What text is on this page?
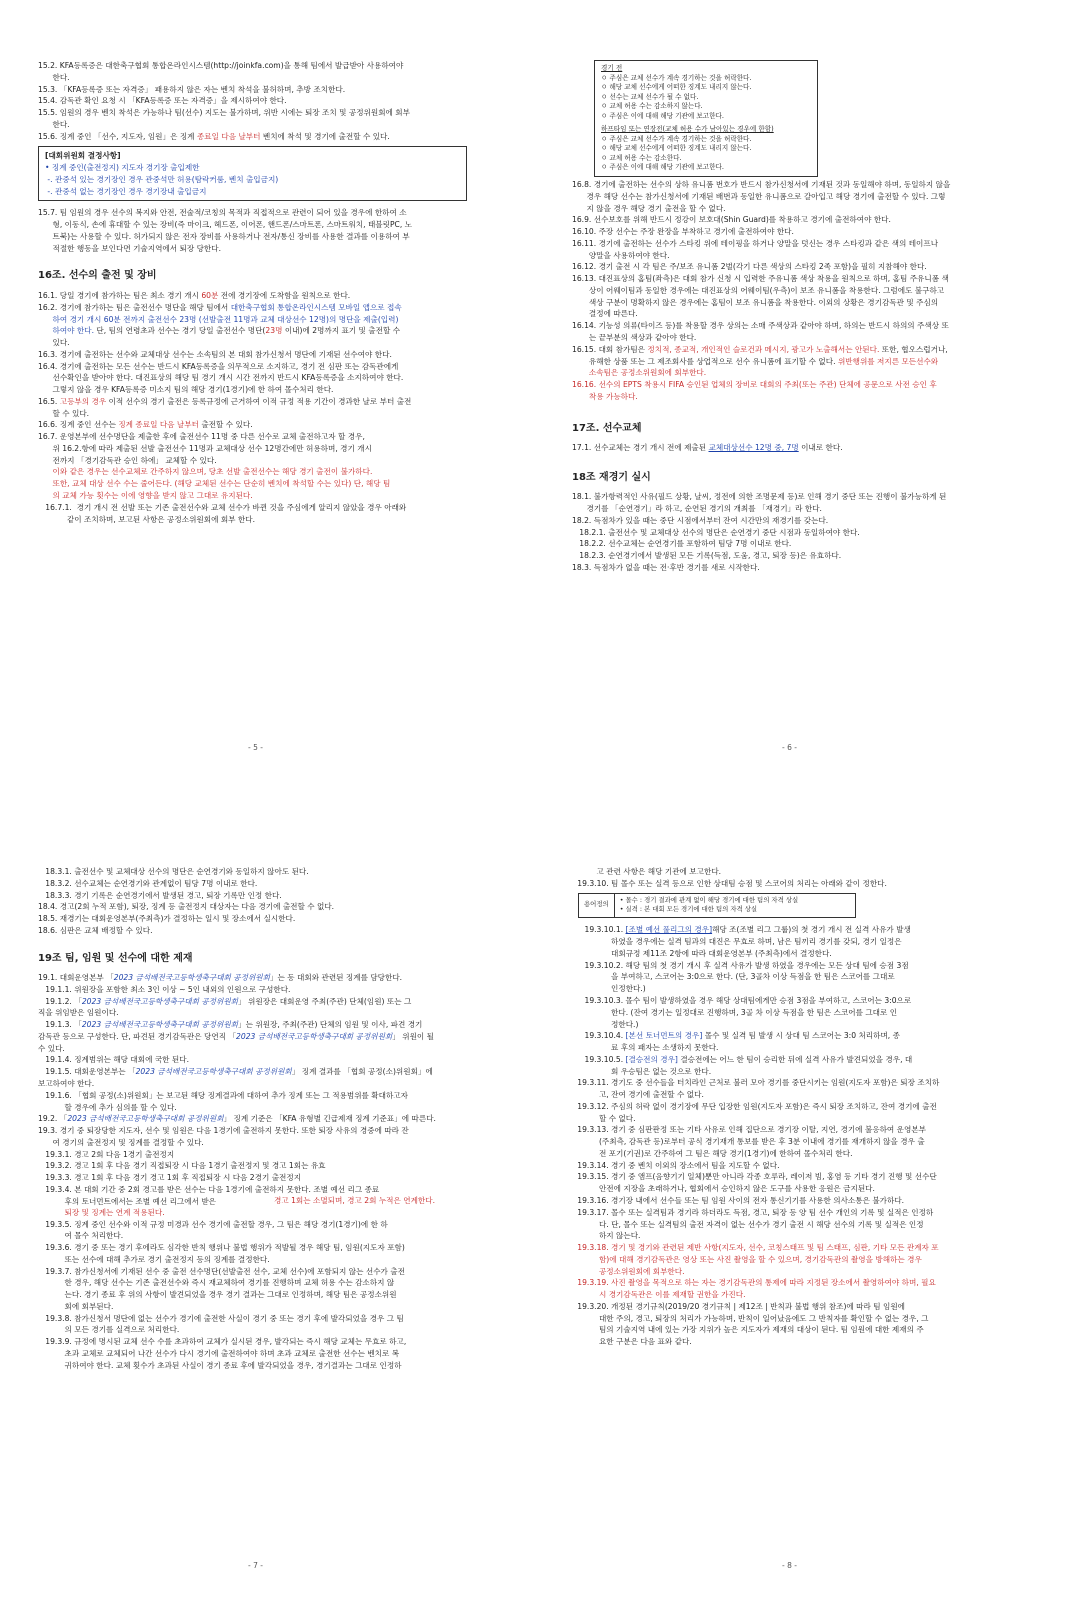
15.2. KFA등록증은 대한축구협회 통합온라인시스템(http://joinkfa.com)을 통해 팀에서 발급받아 사용하여야
한다.
15.3. 「KFA등록증 또는 자격증」 패용하지 않은 자는 벤치 착석을 불허하며, 추방 조치한다.
15.4. 감독관 확인 요청 시 「KFA등록증 또는 자격증」을 제시하여야 한다.
15.5. 임원의 경우 벤치 착석은 가능하나 팀(선수) 지도는 불가하며, 위반 시에는 퇴장 조치 및 공정위원회에 회부
한다.
15.6. 징계 중인 「선수, 지도자, 임원」은 징계 종료일 다음 날부터 벤치에 착석 및 경기에 출전할 수 있다.
[대회위원회 결정사항]
• 징계 중인(출전정지) 지도자 경기장 출입제한
-. 관중석 있는 경기장인 경우 관중석만 허용(탐락커룸, 벤치 출입금지)
-. 관중석 없는 경기장인 경우 경기장내 출입금지
15.7. 팀 임원의 경우 선수의 복지와 안전, 전술적/코칭의 목적과 직접적으로 관련이 되어 있을 경우에 한하여 소
형, 이동식, 손에 휴대할 수 있는 장비(즉 마이크, 헤드폰, 이어폰, 핸드폰/스마트폰, 스마트워치, 태블릿PC, 노
트북)는 사용할 수 있다. 허가되지 않은 전자 장비를 사용하거나 전자/통신 장비를 사용한 결과를 이용하여 부
적절한 행동을 보인다면 기술지역에서 퇴장 당한다.
16조. 선수의 출전 및 장비
16.1. 당일 경기에 참가하는 팀은 최소 경기 개시 60분 전에 경기장에 도착함을 원칙으로 한다.
16.2. 경기에 참가하는 팀은 출전선수 명단을 해당 팀에서 대한축구협회 통합온라인시스템 모바일 앱으로 접속
하여 경기 개시 60분 전까지 출전선수 23명 (선발출전 11명과 교체 대상선수 12명)의 명단을 제출(입력)
하여야 한다. 단, 팀의 연령초과 선수는 경기 당일 출전선수 명단(23명 이내)에 2명까지 표기 및 출전할 수
있다.
16.3. 경기에 출전하는 선수와 교체대상 선수는 소속팀의 본 대회 참가신청서 명단에 기재된 선수여야 한다.
16.4. 경기에 출전하는 모든 선수는 반드시 KFA등록증을 의무적으로 소지하고, 경기 전 심판 또는 감독관에게
선수확인을 받아야 한다. 대진표상의 해당 팀 경기 개시 시간 전까지 반드시 KFA등록증을 소지하여야 한다.
그렇지 않을 경우 KFA등록증 미소지 팀의 해당 경기(1경기)에 한 하여 몰수처리 한다.
16.5. 고등부의 경우 이적 선수의 경기 출전은 등록규정에 근거하여 이적 규정 적용 기간이 경과한 날로 부터 출전
할 수 있다.
16.6. 징계 중인 선수는 징계 종료일 다음 날부터 출전할 수 있다.
16.7. 운영본부에 선수명단을 제출한 후에 출전선수 11명 중 다른 선수로 교체 출전하고자 할 경우,
위 16.2.항에 따라 제출된 선발 출전선수 11명과 교체대상 선수 12명간에만 허용하며, 경기 개시
전까지 「경기감독관 승인 하에」 교체할 수 있다.
이와 같은 경우는 선수교체로 간주하지 않으며, 당초 선발 출전선수는 해당 경기 출전이 불가하다.
또한, 교체 대상 선수 수는 줄어든다. (해당 교체된 선수는 단순히 벤치에 착석할 수는 있다) 단, 해당 팀
의 교체 가능 횟수는 이에 영향을 받지 않고 그대로 유지된다.
16.7.1.  경기 개시 전 선발 또는 기존 출전선수와 교체 선수가 바뀐 것을 주심에게 알리지 않았을 경우 아래와
같이 조치하며, 보고된 사항은 공정소위원회에 회부 한다.
- 5 -
경기 전
ㅇ 주심은 교체 선수가 계속 경기하는 것을 허락한다.
ㅇ 해당 교체 선수에게 어떠한 징계도 내리지 않는다.
ㅇ 선수는 교체 선수가 될 수 없다.
ㅇ 교체 허용 수는 감소하지 않는다.
ㅇ 주심은 이에 대해 해당 기관에 보고한다.
하프타임 또는 연장전(교체 허용 수가 남아있는 경우에 한함)
ㅇ 주심은 교체 선수가 계속 경기하는 것을 허락한다.
ㅇ 해당 교체 선수에게 어떠한 징계도 내리지 않는다.
ㅇ 교체 허용 수는 감소한다.
ㅇ 주심은 이에 대해 해당 기관에 보고한다.
16.8. 경기에 출전하는 선수의 상하 유니폼 번호가 반드시 참가신청서에 기재된 것과 동일해야 하며, 동일하지 않을
경우 해당 선수는 참가신청서에 기재된 배번과 동일한 유니폼으로 갈아입고 해당 경기에 출전할 수 있다. 그렇
지 않을 경우 해당 경기 출전을 할 수 없다.
16.9. 선수보호를 위해 반드시 정강이 보호대(Shin Guard)를 착용하고 경기에 출전하여야 한다.
16.10. 주장 선수는 주장 완장을 부착하고 경기에 출전하여야 한다.
16.11. 경기에 출전하는 선수가 스타킹 위에 테이핑을 하거나 양말을 덧신는 경우 스타킹과 같은 색의 테이프나
양말을 사용하여야 한다.
16.12. 경기 출전 시 각 팀은 주/보조 유니폼 2벌(각기 다른 색상의 스타킹 2족 포함)을 필히 지참해야 한다.
16.13. 대진표상의 홈팀(좌측)은 대회 참가 신청 시 입력한 주유니폼 색상 착용을 원칙으로 하며, 홈팀 주유니폼 색
상이 어웨이팀과 동일한 경우에는 대진표상의 어웨이팀(우측)이 보조 유니폼을 착용한다. 그럼에도 불구하고
색상 구분이 명확하지 않은 경우에는 홈팀이 보조 유니폼을 착용한다. 이외의 상황은 경기감독관 및 주심의
결정에 따른다.
16.14. 기능성 의류(타이즈 등)를 착용할 경우 상의는 소매 주색상과 같아야 하며, 하의는 반드시 하의의 주색상 또
는 끝부분의 색상과 같아야 한다.
16.15. 대회 참가팀은 정치적, 종교적, 개인적인 슬로건과 메시지, 광고가 노출해서는 안된다. 또한, 협오스럽거나,
유해한 상품 또는 그 제조회사를 상업적으로 선수 유니폼에 표기할 수 없다. 위반행위를 저지른 모든선수와
소속팀은 공정소위원회에 회부한다.
16.16. 선수의 EPTS 착용시 FIFA 승인된 업체의 장비로 대회의 주최(또는 주관) 단체에 공문으로 사전 승인 후
착용 가능하다.
17조. 선수교체
17.1. 선수교체는 경기 개시 전에 제출된 교체대상선수 12명 중, 7명 이내로 한다.
18조 재경기 실시
18.1. 불가항력적인 사유(필드 상황, 날씨, 정전에 의한 조명문제 등)로 인해 경기 중단 또는 진행이 불가능하게 된
경기를 「순연경기」라 하고, 순연된 경기의 개최를 「재경기」라 한다.
18.2. 득점차가 있을 때는 중단 시점에서부터 잔여 시간만의 재경기를 갖는다.
18.2.1. 출전선수 및 교체대상 선수의 명단은 순연경기 중단 시점과 동일하여야 한다.
18.2.2. 선수교체는 순연경기를 포함하여 팀당 7명 이내로 한다.
18.2.3. 순연경기에서 발생된 모든 기록(득점, 도움, 경고, 퇴장 등)은 유효하다.
18.3. 득점차가 없을 때는 전·후반 경기를 새로 시작한다.
- 6 -
18.3.1. 출전선수 및 교체대상 선수의 명단은 순연경기와 동일하지 않아도 된다.
18.3.2. 선수교체는 순연경기와 관계없이 팀당 7명 이내로 한다.
18.3.3. 경기 기록은 순연경기에서 발생된 경고, 퇴장 기록만 인정 한다.
18.4. 경고(2회 누적 포함), 퇴장, 징계 등 출전정지 대상자는 다음 경기에 출전할 수 없다.
18.5. 재경기는 대회운영본부(주최측)가 결정하는 일시 및 장소에서 실시한다.
18.6. 심판은 교체 배정할 수 있다.
19조 팀, 임원 및 선수에 대한 제재
19.1. 대회운영본부 「2023 금석배전국고등학생축구대회 공정위원회」는 동 대회와 관련된 징계를 담당한다.
19.1.1. 위원장을 포함한 최소 3인 이상 ~ 5인 내외의 인원으로 구성한다.
19.1.2. 「2023 금석배전국고등학생축구대회 공정위원회」 위원장은 대회운영 주최(주관) 단체(임원) 또는 그
직을 위임받은 임원이다.
19.1.3. 「2023 금석배전국고등학생축구대회 공정위원회」는 위원장, 주최(주관) 단체의 임원 및 이사, 파견 경기
감독관 등으로 구성한다. 단, 파견된 경기감독관은 당연직 「2023 금석배전국고등학생축구대회 공정위원회」 위원이 될
수 있다.
19.1.4. 징계범위는 해당 대회에 국한 된다.
19.1.5. 대회운영본부는 「2023 금석배전국고등학생축구대회 공정위원회」 징계 결과를 「협회 공정(소)위원회」에
보고하여야 한다.
19.1.6. 「협회 공정(소)위원회」는 보고된 해당 징계결과에 대하여 추가 징계 또는 그 적용범위를 확대하고자
할 경우에 추가 심의를 할 수 있다.
19.2. 「2023 금석배전국고등학생축구대회 공정위원회」 징계 기준은 「KFA 유형별 긴급제재 징계 기준표」에 따른다.
19.3. 경기 중 퇴장당한 지도자, 선수 및 임원은 다음 1경기에 출전하지 못한다. 또한 퇴장 사유의 경중에 따라 잔
여 경기의 출전정지 및 징계를 결정할 수 있다.
19.3.1. 경고 2회 다음 1경기 출전정지
19.3.2. 경고 1회 후 다음 경기 직접퇴장 시 다음 1경기 출전정지 및 경고 1회는 유효
19.3.3. 경고 1회 후 다음 경기 경고 1회 후 직접퇴장 시 다음 2경기 출전정지
19.3.4. 본 대회 기간 중 2회 경고를 받은 선수는 다음 1경기에 출전하지 못한다. 조별 예선 리그 종료
후의 토너먼트에서는 조별 예선 리그에서 받은	경고 1회는 소멸되며, 경고 2회 누적은 연계한다.
퇴장 및 징계는 연계 적용된다.
19.3.5. 징계 중인 선수와 이적 규정 미경과 선수 경기에 출전할 경우, 그 팀은 해당 경기(1경기)에 한 하
여 몰수 처리한다.
19.3.6. 경기 중 또는 경기 후에라도 심각한 반칙 행위나 불법 행위가 적발될 경우 해당 팀, 임원(지도자 포함)
또는 선수에 대해 추가로 경기 출전정지 등의 징계를 결정한다.
19.3.7. 참가신청서에 기재된 선수 중 출전 선수명단(선발출전 선수, 교체 선수)에 포함되지 않는 선수가 출전
한 경우, 해당 선수는 기존 출전선수와 즉시 재교체하여 경기를 진행하며 교체 허용 수는 감소하지 않
는다. 경기 종료 후 위의 사항이 발견되었을 경우 경기 결과는 그대로 인정하며, 해당 팀은 공정소위원
회에 회부된다.
19.3.8. 참가신청서 명단에 없는 선수가 경기에 출전한 사실이 경기 중 또는 경기 후에 발각되었을 경우 그 팀
의 모든 경기를 실격으로 처리한다.
19.3.9. 규정에 명시된 교체 선수 수를 초과하여 교체가 실시된 경우, 발각되는 즉시 해당 교체는 무효로 하고,
초과 교체로 교체되어 나간 선수가 다시 경기에 출전하여야 하며 초과 교체로 출전한 선수는 벤치로 복
귀하여야 한다. 교체 횟수가 초과된 사실이 경기 종료 후에 발각되었을 경우, 경기결과는 그대로 인정하
- 7 -
고 관련 사항은 해당 기관에 보고한다.
19.3.10. 팀 몰수 또는 실격 등으로 인한 상대팀 승점 및 스코어의 처리는 아래와 같이 정한다.
용어정의	
• 몰수 : 경기 결과에 관계 없이 해당 경기에 대한 팀의 자격 상실
• 실격 : 본 대회 모든 경기에 대한 팀의 자격 상실
19.3.10.1. [조별 예선 풀리그의 경우]해당 조(조별 리그 그룹)의 첫 경기 개시 전 실격 사유가 발생
하였을 경우에는 실격 팀과의 대진은 무효로 하며, 남은 팀끼리 경기를 갖되, 경기 일정은
대회규정 제11조 2항에 따라 대회운영본부 (주최측)에서 결정한다.
19.3.10.2. 해당 팀의 첫 경기 개시 후 실격 사유가 발생 하였을 경우에는 모든 상대 팀에 승점 3점
을 부여하고, 스코어는 3:0으로 한다. (단, 3골차 이상 득점을 한 팀은 스코어를 그대로
인정한다.)
19.3.10.3. 몰수 팀이 발생하였을 경우 해당 상대팀에게만 승점 3점을 부여하고, 스코어는 3:0으로
한다. (잔여 경기는 일정대로 진행하며, 3골 차 이상 득점을 한 팀은 스코어를 그대로 인
정한다.)
19.3.10.4. [본선 토너먼트의 경우] 몰수 및 실격 팀 발생 시 상대 팀 스코어는 3:0 처리하며, 종
료 후의 패자는 소생하지 못한다.
19.3.10.5. [결승전의 경우] 결승전에는 어느 한 팀이 승리한 뒤에 실격 사유가 발견되었을 경우, 대
회 우승팀은 없는 것으로 한다.
19.3.11. 경기도 중 선수들을 터치라인 근처로 불러 모아 경기를 중단시키는 임원(지도자 포함)은 퇴장 조치하
고, 잔여 경기에 출전할 수 없다.
19.3.12. 주심의 허락 없이 경기장에 무단 입장한 임원(지도자 포함)은 즉시 퇴장 조치하고, 잔여 경기에 출전
할 수 없다.
19.3.13. 경기 중 심판판정 또는 기타 사유로 인해 집단으로 경기장 이탈, 지연, 경기에 불응하여 운영본부
(주최측, 감독관 등)로부터 공식 경기재개 통보를 받은 후 3분 이내에 경기를 재개하지 않을 경우 출
전 포기(기권)로 간주하여 그 팀은 해당 경기(1경기)에 한하여 몰수처리 한다.
19.3.14. 경기 중 벤치 이외의 장소에서 팀을 지도할 수 없다.
19.3.15. 경기 중 앰프(음향기기 일체)뿐만 아니라 각종 호루라, 레이저 빔, 홍염 등 기타 경기 진행 및 선수단
안전에 지장을 초래하거나, 협회에서 승인하지 않은 도구를 사용한 응원은 금지된다.
19.3.16. 경기장 내에서 선수들 또는 팀 임원 사이의 전자 통신기기를 사용한 의사소통은 불가하다.
19.3.17. 몰수 또는 실격팀과 경기라 하더라도 득점, 경고, 퇴장 등 양 팀 선수 개인의 기록 및 실적은 인정하
다. 단, 몰수 또는 실격팀의 출전 자격이 없는 선수가 경기 출전 시 해당 선수의 기록 및 실적은 인정
하지 않는다.
19.3.18. 경기 및 경기와 관련된 제반 사항(지도자, 선수, 코칭스태프 및 팀 스태프, 심판, 기타 모든 관계자 포
함)에 대해 경기감독관은 영상 또는 사진 촬영을 할 수 있으며, 경기감독관의 촬영을 방해하는 경우
공정소위원회에 회부한다.
19.3.19. 사진 촬영을 목적으로 하는 자는 경기감독관의 통제에 따라 지정된 장소에서 촬영하여야 하며, 필요
시 경기감독관은 이를 제재할 권한을 가진다.
19.3.20. 개정된 경기규칙(2019/20 경기규칙 | 제12조 | 반칙과 불법 행위 참조)에 따라 팀 임원에
대한 주의, 경고, 퇴장의 처리가 가능하며, 반칙이 일어났음에도 그 반칙자를 확인할 수 없는 경우, 그
팀의 기술지역 내에 있는 가장 지위가 높은 지도자가 제재의 대상이 된다. 팀 임원에 대한 제재의 주
요한 구분은 다음 표와 같다.
- 8 -
